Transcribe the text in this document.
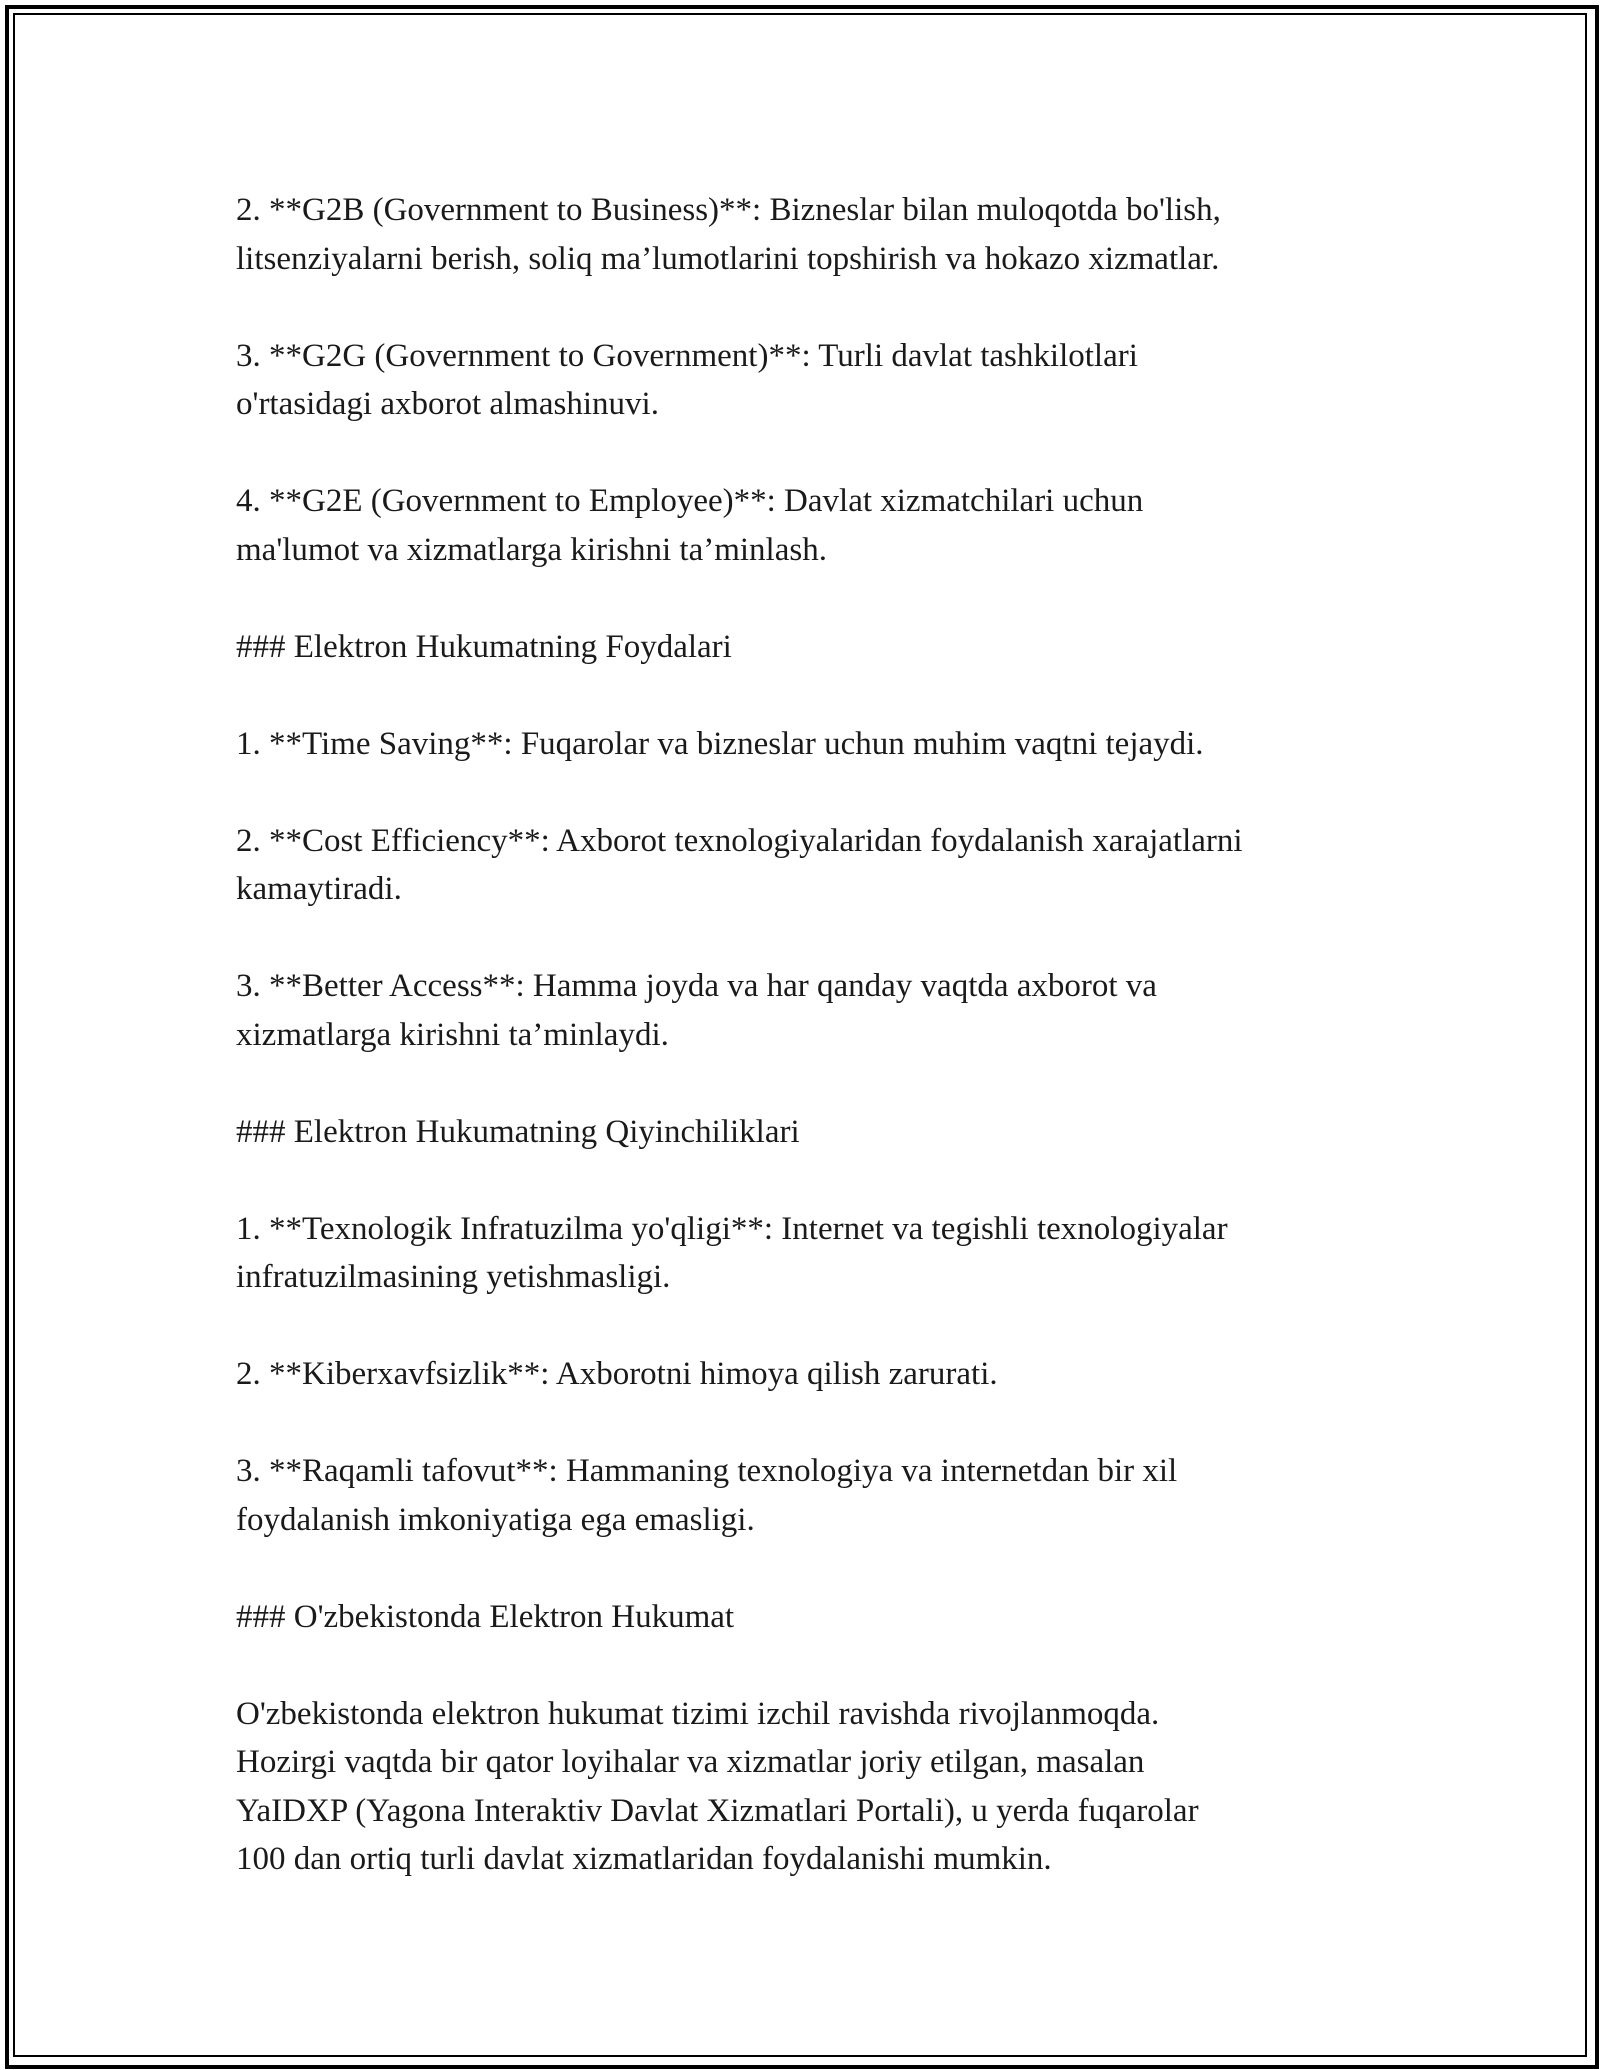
2. **G2B (Government to Business)**: Bizneslar bilan muloqotda bo'lish,
litsenziyalarni berish, soliq ma’lumotlarini topshirish va hokazo xizmatlar.

3. **G2G (Government to Government)**: Turli davlat tashkilotlari
o'rtasidagi axborot almashinuvi.

4. **G2E (Government to Employee)**: Davlat xizmatchilari uchun
ma'lumot va xizmatlarga kirishni ta’minlash.

### Elektron Hukumatning Foydalari

1. **Time Saving**: Fuqarolar va bizneslar uchun muhim vaqtni tejaydi.

2. **Cost Efficiency**: Axborot texnologiyalaridan foydalanish xarajatlarni
kamaytiradi.

3. **Better Access**: Hamma joyda va har qanday vaqtda axborot va
xizmatlarga kirishni ta’minlaydi.

### Elektron Hukumatning Qiyinchiliklari

1. **Texnologik Infratuzilma yo'qligi**: Internet va tegishli texnologiyalar
infratuzilmasining yetishmasligi.

2. **Kiberxavfsizlik**: Axborotni himoya qilish zarurati.

3. **Raqamli tafovut**: Hammaning texnologiya va internetdan bir xil
foydalanish imkoniyatiga ega emasligi.

### O'zbekistonda Elektron Hukumat

O'zbekistonda elektron hukumat tizimi izchil ravishda rivojlanmoqda.
Hozirgi vaqtda bir qator loyihalar va xizmatlar joriy etilgan, masalan
YaIDXP (Yagona Interaktiv Davlat Xizmatlari Portali), u yerda fuqarolar
100 dan ortiq turli davlat xizmatlaridan foydalanishi mumkin.
